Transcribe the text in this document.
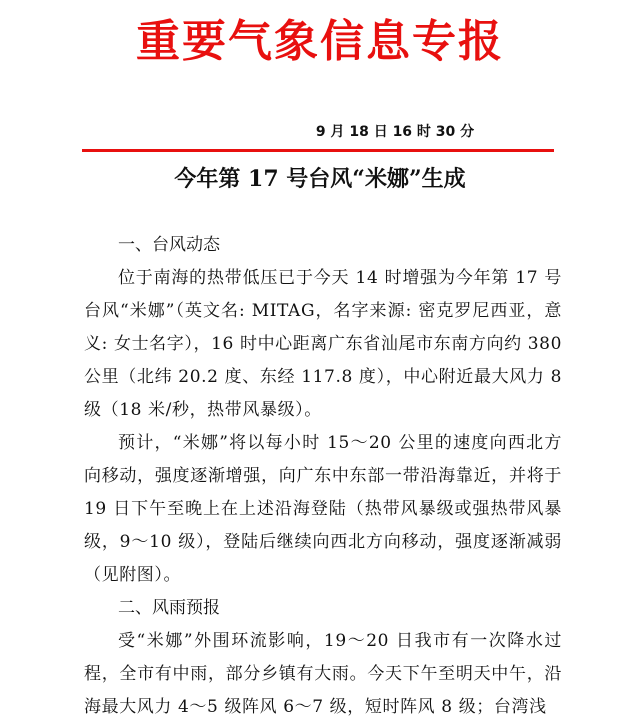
重要气象信息专报
9 月 18 日 16 时 30 分
今年第 17 号台风“米娜”生成

一、台风动态

位于南海的热带低压已于今天 14 时增强为今年第 17 号台风“米娜”（英文名: MITAG，名字来源: 密克罗尼西亚，意义: 女士名字），16 时中心距离广东省汕尾市东南方向约 380 公里（北纬 20.2 度、东经 117.8 度），中心附近最大风力 8 级（18 米/秒，热带风暴级）。

预计，“米娜”将以每小时 15～20 公里的速度向西北方向移动，强度逐渐增强，向广东中东部一带沿海靠近，并将于 19 日下午至晚上在上述沿海登陆（热带风暴级或强热带风暴级，9～10 级），登陆后继续向西北方向移动，强度逐渐减弱（见附图）。

二、风雨预报

受“米娜”外围环流影响，19～20 日我市有一次降水过程，全市有中雨，部分乡镇有大雨。今天下午至明天中午，沿海最大风力 4～5 级阵风 6～7 级，短时阵风 8 级；台湾浅
